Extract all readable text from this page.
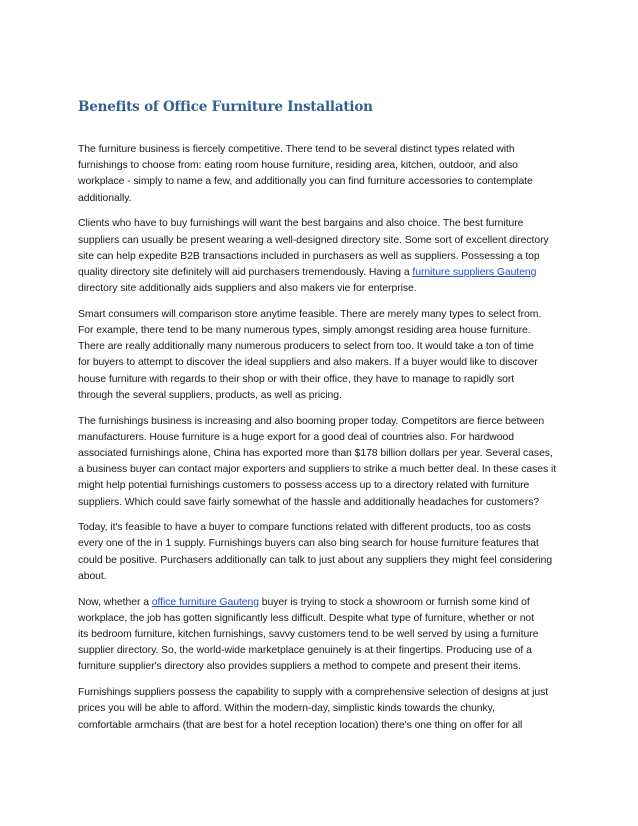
Benefits of Office Furniture Installation

The furniture business is fiercely competitive. There tend to be several distinct types related with
furnishings to choose from: eating room house furniture, residing area, kitchen, outdoor, and also
workplace - simply to name a few, and additionally you can find furniture accessories to contemplate
additionally.

Clients who have to buy furnishings will want the best bargains and also choice. The best furniture
suppliers can usually be present wearing a well-designed directory site. Some sort of excellent directory
site can help expedite B2B transactions included in purchasers as well as suppliers. Possessing a top
quality directory site definitely will aid purchasers tremendously. Having a furniture suppliers Gauteng
directory site additionally aids suppliers and also makers vie for enterprise.

Smart consumers will comparison store anytime feasible. There are merely many types to select from.
For example, there tend to be many numerous types, simply amongst residing area house furniture.
There are really additionally many numerous producers to select from too. It would take a ton of time
for buyers to attempt to discover the ideal suppliers and also makers. If a buyer would like to discover
house furniture with regards to their shop or with their office, they have to manage to rapidly sort
through the several suppliers, products, as well as pricing.

The furnishings business is increasing and also booming proper today. Competitors are fierce between
manufacturers. House furniture is a huge export for a good deal of countries also. For hardwood
associated furnishings alone, China has exported more than $178 billion dollars per year. Several cases,
a business buyer can contact major exporters and suppliers to strike a much better deal. In these cases it
might help potential furnishings customers to possess access up to a directory related with furniture
suppliers. Which could save fairly somewhat of the hassle and additionally headaches for customers?

Today, it's feasible to have a buyer to compare functions related with different products, too as costs
every one of the in 1 supply. Furnishings buyers can also bing search for house furniture features that
could be positive. Purchasers additionally can talk to just about any suppliers they might feel considering
about.

Now, whether a office furniture Gauteng buyer is trying to stock a showroom or furnish some kind of
workplace, the job has gotten significantly less difficult. Despite what type of furniture, whether or not
its bedroom furniture, kitchen furnishings, savvy customers tend to be well served by using a furniture
supplier directory. So, the world-wide marketplace genuinely is at their fingertips. Producing use of a
furniture supplier's directory also provides suppliers a method to compete and present their items.

Furnishings suppliers possess the capability to supply with a comprehensive selection of designs at just
prices you will be able to afford. Within the modern-day, simplistic kinds towards the chunky,
comfortable armchairs (that are best for a hotel reception location) there's one thing on offer for all
